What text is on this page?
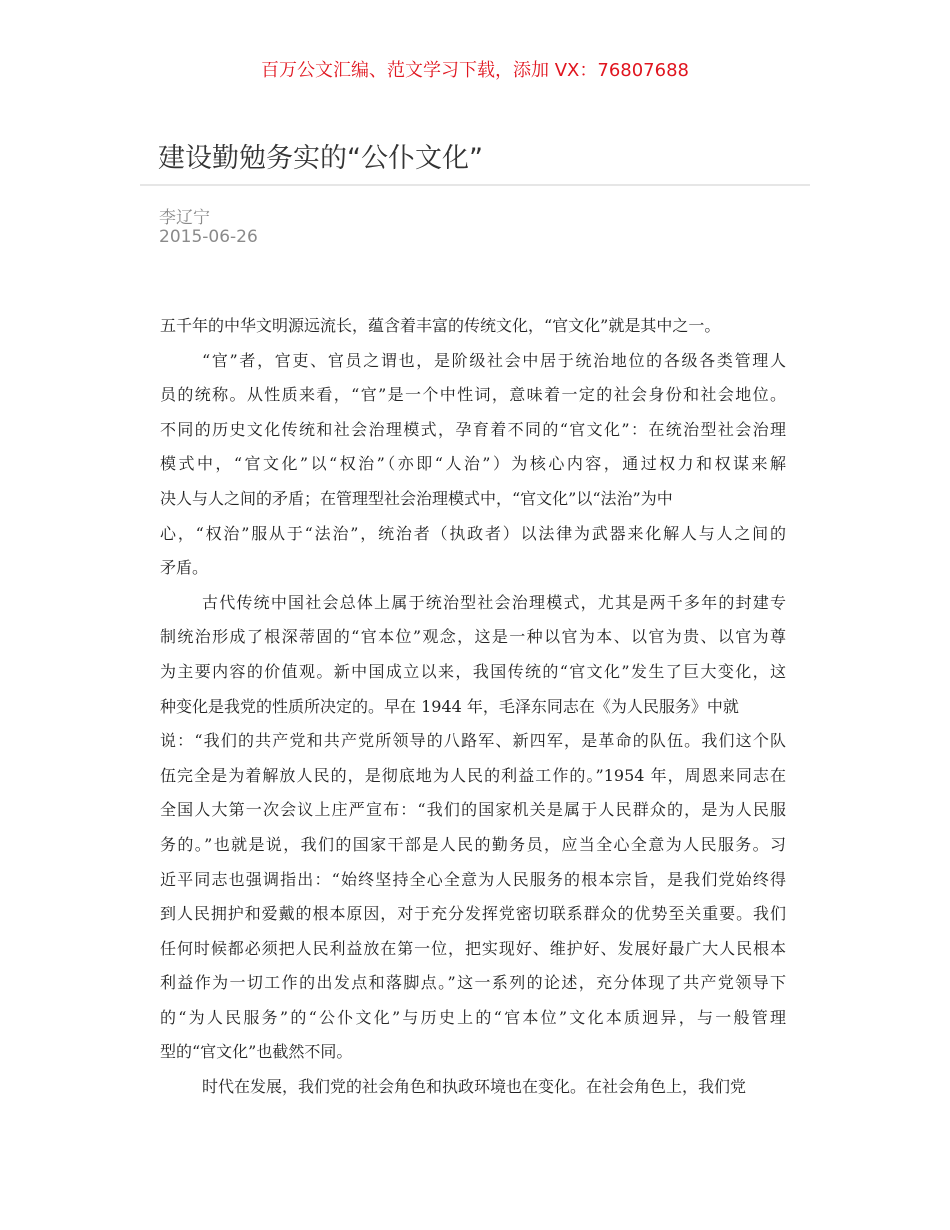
百万公文汇编、范文学习下载，添加 VX：76807688
建设勤勉务实的“公仆文化”
李辽宁
2015-06-26
五千年的中华文明源远流长，蕴含着丰富的传统文化，“官文化”就是其中之一。
“官”者，官吏、官员之谓也，是阶级社会中居于统治地位的各级各类管理人
员的统称。从性质来看，“官”是一个中性词，意味着一定的社会身份和社会地位。
不同的历史文化传统和社会治理模式，孕育着不同的“官文化”：在统治型社会治理
模式中，“官文化”以“权治”（亦即“人治”）为核心内容，通过权力和权谋来解
决人与人之间的矛盾；在管理型社会治理模式中，“官文化”以“法治”为中
心，“权治”服从于“法治”，统治者（执政者）以法律为武器来化解人与人之间的
矛盾。
古代传统中国社会总体上属于统治型社会治理模式，尤其是两千多年的封建专
制统治形成了根深蒂固的“官本位”观念，这是一种以官为本、以官为贵、以官为尊
为主要内容的价值观。新中国成立以来，我国传统的“官文化”发生了巨大变化，这
种变化是我党的性质所决定的。早在 1944 年，毛泽东同志在《为人民服务》中就
说：“我们的共产党和共产党所领导的八路军、新四军，是革命的队伍。我们这个队
伍完全是为着解放人民的，是彻底地为人民的利益工作的。”1954 年，周恩来同志在
全国人大第一次会议上庄严宣布：“我们的国家机关是属于人民群众的，是为人民服
务的。”也就是说，我们的国家干部是人民的勤务员，应当全心全意为人民服务。习
近平同志也强调指出：“始终坚持全心全意为人民服务的根本宗旨，是我们党始终得
到人民拥护和爱戴的根本原因，对于充分发挥党密切联系群众的优势至关重要。我们
任何时候都必须把人民利益放在第一位，把实现好、维护好、发展好最广大人民根本
利益作为一切工作的出发点和落脚点。”这一系列的论述，充分体现了共产党领导下
的“为人民服务”的“公仆文化”与历史上的“官本位”文化本质迥异，与一般管理
型的“官文化”也截然不同。
时代在发展，我们党的社会角色和执政环境也在变化。在社会角色上，我们党
